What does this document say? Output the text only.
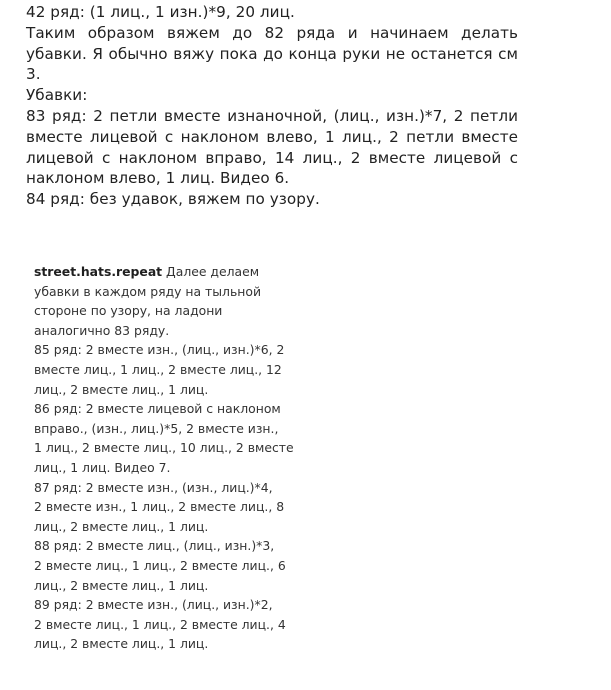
42 ряд: (1 лиц., 1 изн.)*9, 20 лиц.

Таким образом вяжем до 82 ряда и начинаем делать убавки. Я обычно вяжу пока до конца руки не останется см 3.

Убавки:

83 ряд: 2 петли вместе изнаночной, (лиц., изн.)*7, 2 петли вместе лицевой с наклоном влево, 1 лиц., 2 петли вместе лицевой с наклоном вправо, 14 лиц., 2 вместе лицевой с наклоном влево, 1 лиц. Видео 6.

84 ряд: без удавок, вяжем по узору.

street.hats.repeat Далее делаем
убавки в каждом ряду на тыльной
стороне по узору, на ладони
аналогично 83 ряду.
85 ряд: 2 вместе изн., (лиц., изн.)*6, 2
вместе лиц., 1 лиц., 2 вместе лиц., 12
лиц., 2 вместе лиц., 1 лиц.
86 ряд: 2 вместе лицевой с наклоном
вправо., (изн., лиц.)*5, 2 вместе изн.,
1 лиц., 2 вместе лиц., 10 лиц., 2 вместе
лиц., 1 лиц. Видео 7.
87 ряд: 2 вместе изн., (изн., лиц.)*4,
2 вместе изн., 1 лиц., 2 вместе лиц., 8
лиц., 2 вместе лиц., 1 лиц.
88 ряд: 2 вместе лиц., (лиц., изн.)*3,
2 вместе лиц., 1 лиц., 2 вместе лиц., 6
лиц., 2 вместе лиц., 1 лиц.
89 ряд: 2 вместе изн., (лиц., изн.)*2,
2 вместе лиц., 1 лиц., 2 вместе лиц., 4
лиц., 2 вместе лиц., 1 лиц.
